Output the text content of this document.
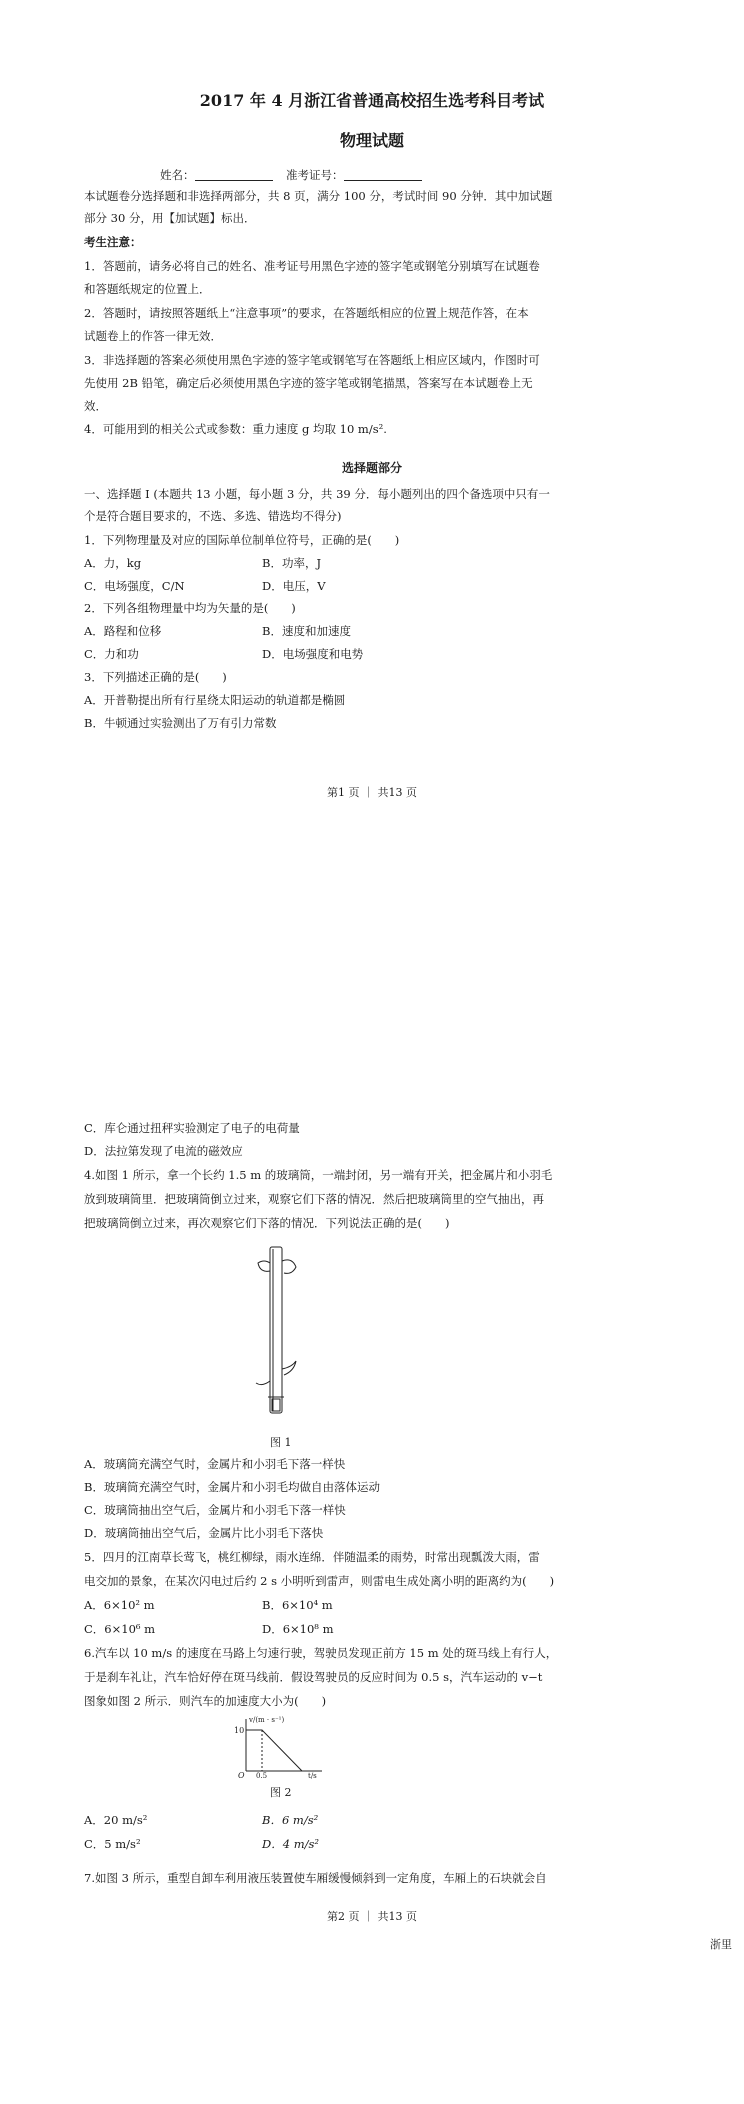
2017 年 4 月浙江省普通高校招生选考科目考试
物理试题
姓名：	准考证号：
本试题卷分选择题和非选择两部分，共 8 页，满分 100 分，考试时间 90 分钟．其中加试题
部分 30 分，用【加试题】标出．
考生注意：
1．答题前，请务必将自己的姓名、准考证号用黑色字迹的签字笔或钢笔分别填写在试题卷
和答题纸规定的位置上．
2．答题时，请按照答题纸上“注意事项”的要求，在答题纸相应的位置上规范作答，在本
试题卷上的作答一律无效．
3．非选择题的答案必须使用黑色字迹的签字笔或钢笔写在答题纸上相应区域内，作图时可
先使用 2B 铅笔，确定后必须使用黑色字迹的签字笔或钢笔描黑，答案写在本试题卷上无
效．
4．可能用到的相关公式或参数：重力速度 g 均取 10 m/s².
选择题部分
一、选择题 I (本题共 13 小题，每小题 3 分，共 39 分．每小题列出的四个备选项中只有一
个是符合题目要求的，不选、多选、错选均不得分)
1．下列物理量及对应的国际单位制单位符号，正确的是(　　)
A．力，kg	B．功率，J
C．电场强度，C/N	D．电压，V
2．下列各组物理量中均为矢量的是(　　)
A．路程和位移	B．速度和加速度
C．力和功	D．电场强度和电势
3．下列描述正确的是(　　)
A．开普勒提出所有行星绕太阳运动的轨道都是椭圆
B．牛顿通过实验测出了万有引力常数
第1 页 ｜ 共13 页
C．库仑通过扭秤实验测定了电子的电荷量
D．法拉第发现了电流的磁效应
4.如图 1 所示，拿一个长约 1.5 m 的玻璃筒，一端封闭，另一端有开关，把金属片和小羽毛
放到玻璃筒里．把玻璃筒倒立过来，观察它们下落的情况．然后把玻璃筒里的空气抽出，再
把玻璃筒倒立过来，再次观察它们下落的情况．下列说法正确的是(　　)
图 1
A．玻璃筒充满空气时，金属片和小羽毛下落一样快
B．玻璃筒充满空气时，金属片和小羽毛均做自由落体运动
C．玻璃筒抽出空气后，金属片和小羽毛下落一样快
D．玻璃筒抽出空气后，金属片比小羽毛下落快
5．四月的江南草长莺飞，桃红柳绿，雨水连绵．伴随温柔的雨势，时常出现瓢泼大雨，雷
电交加的景象，在某次闪电过后约 2 s 小明听到雷声，则雷电生成处离小明的距离约为(　　)
A．6×10² m	B．6×10⁴ m
C．6×10⁶ m	D．6×10⁸ m
6.汽车以 10 m/s 的速度在马路上匀速行驶，驾驶员发现正前方 15 m 处的斑马线上有行人，
于是刹车礼让，汽车恰好停在斑马线前．假设驾驶员的反应时间为 0.5 s，汽车运动的 v−t
图象如图 2 所示．则汽车的加速度大小为(　　)
v/(m · s⁻¹)
10
O 0.5	t/s
图 2
A．20 m/s²	B．6 m/s²
C．5 m/s²	D．4 m/s²
7.如图 3 所示，重型自卸车利用液压装置使车厢缓慢倾斜到一定角度，车厢上的石块就会自
第2 页 ｜ 共13 页
浙里
